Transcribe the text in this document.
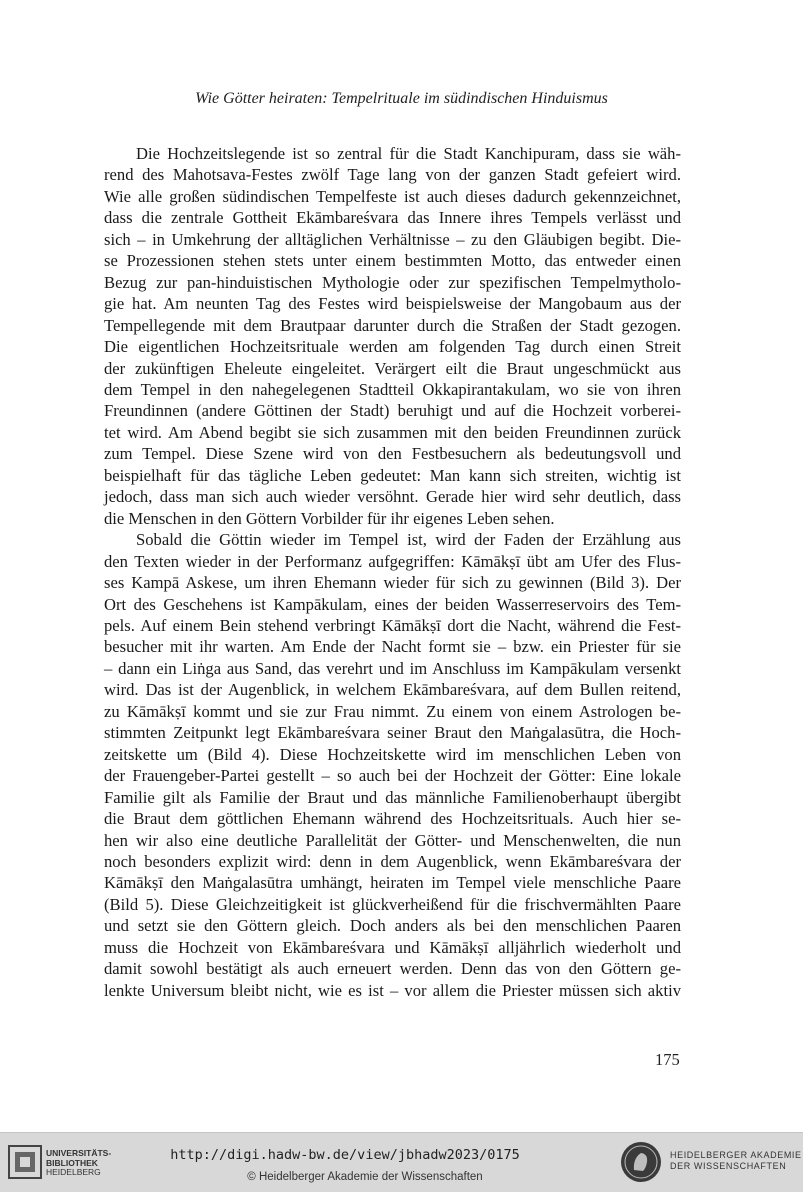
Wie Götter heiraten: Tempelrituale im südindischen Hinduismus

Die Hochzeitslegende ist so zentral für die Stadt Kanchipuram, dass sie wäh-
rend des Mahotsava-Festes zwölf Tage lang von der ganzen Stadt gefeiert wird.
Wie alle großen südindischen Tempelfeste ist auch dieses dadurch gekennzeichnet,
dass die zentrale Gottheit Ekāmbareśvara das Innere ihres Tempels verlässt und
sich – in Umkehrung der alltäglichen Verhältnisse – zu den Gläubigen begibt. Die-
se Prozessionen stehen stets unter einem bestimmten Motto, das entweder einen
Bezug zur pan-hinduistischen Mythologie oder zur spezifischen Tempelmytholo-
gie hat. Am neunten Tag des Festes wird beispielsweise der Mangobaum aus der
Tempellegende mit dem Brautpaar darunter durch die Straßen der Stadt gezogen.
Die eigentlichen Hochzeitsrituale werden am folgenden Tag durch einen Streit
der zukünftigen Eheleute eingeleitet. Verärgert eilt die Braut ungeschmückt aus
dem Tempel in den nahegelegenen Stadtteil Okkapirantakulam, wo sie von ihren
Freundinnen (andere Göttinen der Stadt) beruhigt und auf die Hochzeit vorberei-
tet wird. Am Abend begibt sie sich zusammen mit den beiden Freundinnen zurück
zum Tempel. Diese Szene wird von den Festbesuchern als bedeutungsvoll und
beispielhaft für das tägliche Leben gedeutet: Man kann sich streiten, wichtig ist
jedoch, dass man sich auch wieder versöhnt. Gerade hier wird sehr deutlich, dass
die Menschen in den Göttern Vorbilder für ihr eigenes Leben sehen.

Sobald die Göttin wieder im Tempel ist, wird der Faden der Erzählung aus
den Texten wieder in der Performanz aufgegriffen: Kāmākṣī übt am Ufer des Flus-
ses Kampā Askese, um ihren Ehemann wieder für sich zu gewinnen (Bild 3). Der
Ort des Geschehens ist Kampākulam, eines der beiden Wasserreservoirs des Tem-
pels. Auf einem Bein stehend verbringt Kāmākṣī dort die Nacht, während die Fest-
besucher mit ihr warten. Am Ende der Nacht formt sie – bzw. ein Priester für sie
– dann ein Liṅga aus Sand, das verehrt und im Anschluss im Kampākulam versenkt
wird. Das ist der Augenblick, in welchem Ekāmbareśvara, auf dem Bullen reitend,
zu Kāmākṣī kommt und sie zur Frau nimmt. Zu einem von einem Astrologen be-
stimmten Zeitpunkt legt Ekāmbareśvara seiner Braut den Maṅgalasūtra, die Hoch-
zeitskette um (Bild 4). Diese Hochzeitskette wird im menschlichen Leben von
der Frauengeber-Partei gestellt – so auch bei der Hochzeit der Götter: Eine lokale
Familie gilt als Familie der Braut und das männliche Familienoberhaupt übergibt
die Braut dem göttlichen Ehemann während des Hochzeitsrituals. Auch hier se-
hen wir also eine deutliche Parallelität der Götter- und Menschenwelten, die nun
noch besonders explizit wird: denn in dem Augenblick, wenn Ekāmbareśvara der
Kāmākṣī den Maṅgalasūtra umhängt, heiraten im Tempel viele menschliche Paare
(Bild 5). Diese Gleichzeitigkeit ist glückverheißend für die frischvermählten Paare
und setzt sie den Göttern gleich. Doch anders als bei den menschlichen Paaren
muss die Hochzeit von Ekāmbareśvara und Kāmākṣī alljährlich wiederholt und
damit sowohl bestätigt als auch erneuert werden. Denn das von den Göttern ge-
lenkte Universum bleibt nicht, wie es ist – vor allem die Priester müssen sich aktiv

175
UNIVERSITÄTS-
BIBLIOTHEK
HEIDELBERG
http://digi.hadw-bw.de/view/jbhadw2023/0175
© Heidelberger Akademie der Wissenschaften
HEIDELBERGER AKADEMIE
DER WISSENSCHAFTEN
